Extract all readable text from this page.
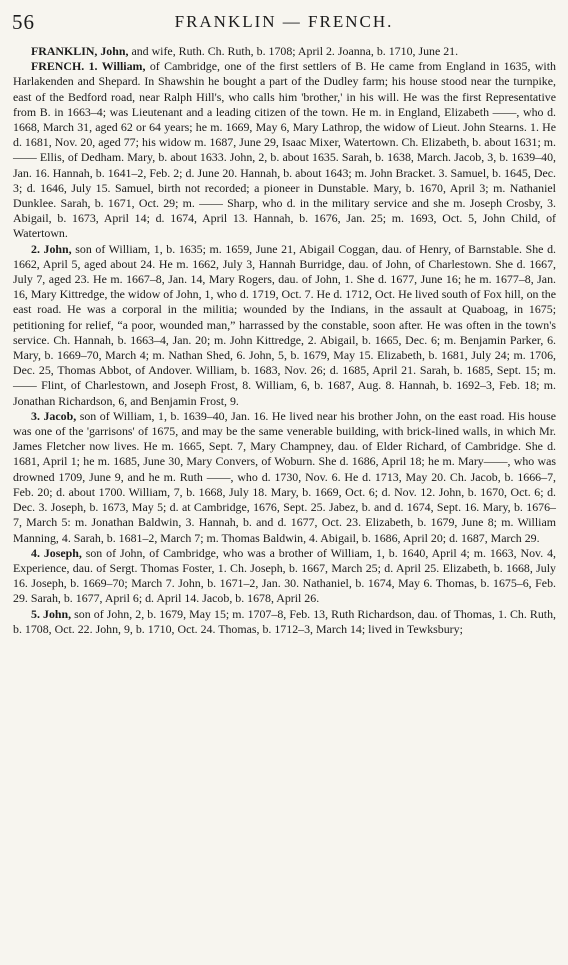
56	FRANKLIN — FRENCH.

FRANKLIN, John, and wife, Ruth. Ch. Ruth, b. 1708; April 2. Joanna, b. 1710, June 21.

FRENCH. 1. William, of Cambridge, one of the first settlers of B. He came from England in 1635, with Harlakenden and Shepard. In Shawshin he bought a part of the Dudley farm; his house stood near the turnpike, east of the Bedford road, near Ralph Hill's, who calls him 'brother,' in his will. He was the first Representative from B. in 1663–4; was Lieutenant and a leading citizen of the town. He m. in England, Elizabeth ——, who d. 1668, March 31, aged 62 or 64 years; he m. 1669, May 6, Mary Lathrop, the widow of Lieut. John Stearns. 1. He d. 1681, Nov. 20, aged 77; his widow m. 1687, June 29, Isaac Mixer, Watertown. Ch. Elizabeth, b. about 1631; m. —— Ellis, of Dedham. Mary, b. about 1633. John, 2, b. about 1635. Sarah, b. 1638, March. Jacob, 3, b. 1639–40, Jan. 16. Hannah, b. 1641–2, Feb. 2; d. June 20. Hannah, b. about 1643; m. John Bracket. 3. Samuel, b. 1645, Dec. 3; d. 1646, July 15. Samuel, birth not recorded; a pioneer in Dunstable. Mary, b. 1670, April 3; m. Nathaniel Dunklee. Sarah, b. 1671, Oct. 29; m. —— Sharp, who d. in the military service and she m. Joseph Crosby, 3. Abigail, b. 1673, April 14; d. 1674, April 13. Hannah, b. 1676, Jan. 25; m. 1693, Oct. 5, John Child, of Watertown.

2. John, son of William, 1, b. 1635; m. 1659, June 21, Abigail Coggan, dau. of Henry, of Barnstable. She d. 1662, April 5, aged about 24. He m. 1662, July 3, Hannah Burridge, dau. of John, of Charlestown. She d. 1667, July 7, aged 23. He m. 1667–8, Jan. 14, Mary Rogers, dau. of John, 1. She d. 1677, June 16; he m. 1677–8, Jan. 16, Mary Kittredge, the widow of John, 1, who d. 1719, Oct. 7. He d. 1712, Oct. He lived south of Fox hill, on the east road. He was a corporal in the militia; wounded by the Indians, in the assault at Quaboag, in 1675; petitioning for relief, “a poor, wounded man,” harrassed by the constable, soon after. He was often in the town's service. Ch. Hannah, b. 1663–4, Jan. 20; m. John Kittredge, 2. Abigail, b. 1665, Dec. 6; m. Benjamin Parker, 6. Mary, b. 1669–70, March 4; m. Nathan Shed, 6. John, 5, b. 1679, May 15. Elizabeth, b. 1681, July 24; m. 1706, Dec. 25, Thomas Abbot, of Andover. William, b. 1683, Nov. 26; d. 1685, April 21. Sarah, b. 1685, Sept. 15; m. —— Flint, of Charlestown, and Joseph Frost, 8. William, 6, b. 1687, Aug. 8. Hannah, b. 1692–3, Feb. 18; m. Jonathan Richardson, 6, and Benjamin Frost, 9.

3. Jacob, son of William, 1, b. 1639–40, Jan. 16. He lived near his brother John, on the east road. His house was one of the 'garrisons' of 1675, and may be the same venerable building, with brick-lined walls, in which Mr. James Fletcher now lives. He m. 1665, Sept. 7, Mary Champney, dau. of Elder Richard, of Cambridge. She d. 1681, April 1; he m. 1685, June 30, Mary Convers, of Woburn. She d. 1686, April 18; he m. Mary——, who was drowned 1709, June 9, and he m. Ruth ——, who d. 1730, Nov. 6. He d. 1713, May 20. Ch. Jacob, b. 1666–7, Feb. 20; d. about 1700. William, 7, b. 1668, July 18. Mary, b. 1669, Oct. 6; d. Nov. 12. John, b. 1670, Oct. 6; d. Dec. 3. Joseph, b. 1673, May 5; d. at Cambridge, 1676, Sept. 25. Jabez, b. and d. 1674, Sept. 16. Mary, b. 1676–7, March 5: m. Jonathan Baldwin, 3. Hannah, b. and d. 1677, Oct. 23. Elizabeth, b. 1679, June 8; m. William Manning, 4. Sarah, b. 1681–2, March 7; m. Thomas Baldwin, 4. Abigail, b. 1686, April 20; d. 1687, March 29.

4. Joseph, son of John, of Cambridge, who was a brother of William, 1, b. 1640, April 4; m. 1663, Nov. 4, Experience, dau. of Sergt. Thomas Foster, 1. Ch. Joseph, b. 1667, March 25; d. April 25. Elizabeth, b. 1668, July 16. Joseph, b. 1669–70; March 7. John, b. 1671–2, Jan. 30. Nathaniel, b. 1674, May 6. Thomas, b. 1675–6, Feb. 29. Sarah, b. 1677, April 6; d. April 14. Jacob, b. 1678, April 26.

5. John, son of John, 2, b. 1679, May 15; m. 1707–8, Feb. 13, Ruth Richardson, dau. of Thomas, 1. Ch. Ruth, b. 1708, Oct. 22. John, 9, b. 1710, Oct. 24. Thomas, b. 1712–3, March 14; lived in Tewksbury;
